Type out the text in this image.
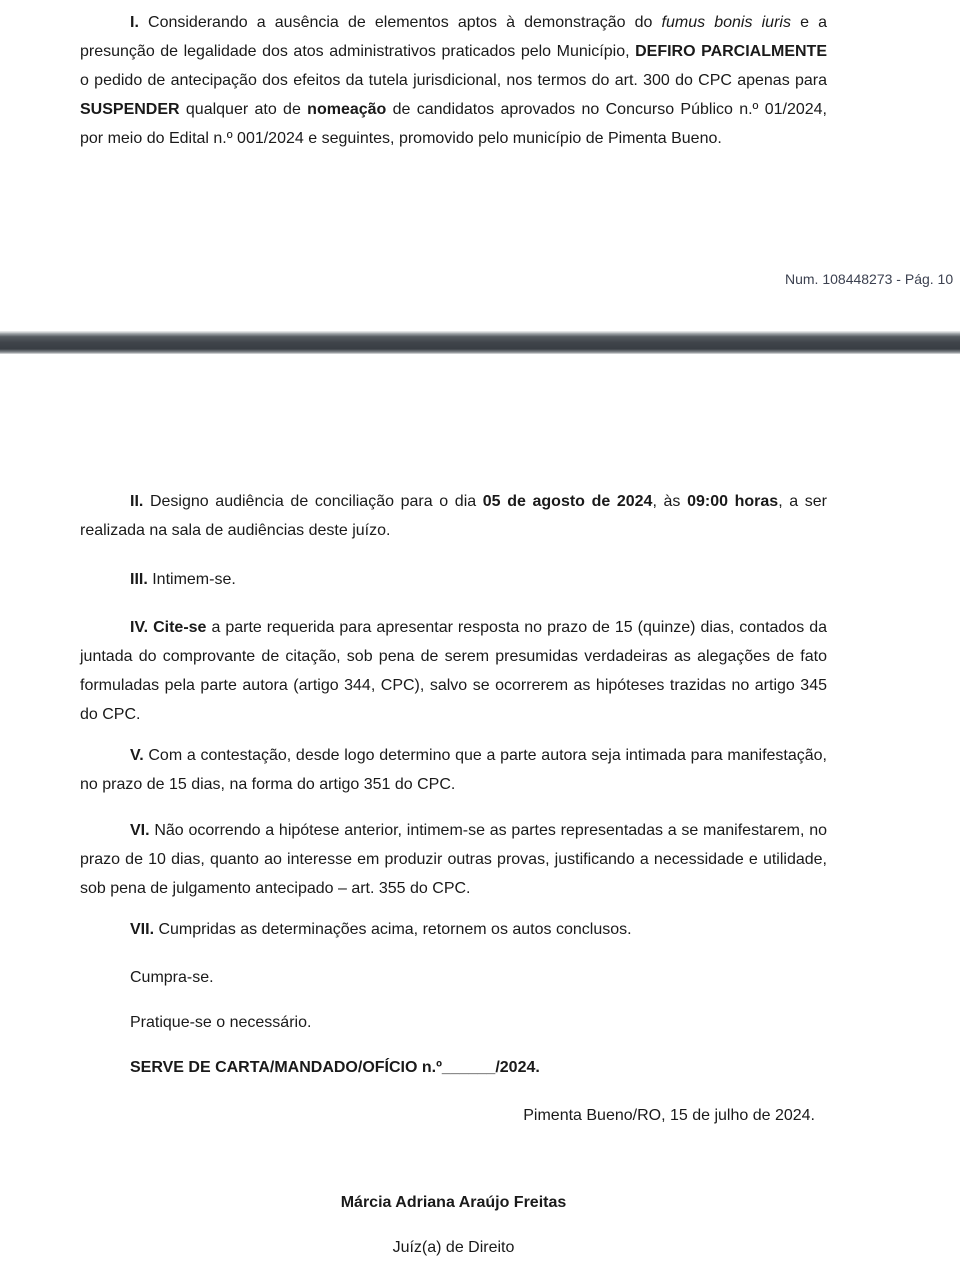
I. Considerando a ausência de elementos aptos à demonstração do fumus bonis iuris e a presunção de legalidade dos atos administrativos praticados pelo Município, DEFIRO PARCIALMENTE o pedido de antecipação dos efeitos da tutela jurisdicional, nos termos do art. 300 do CPC apenas para SUSPENDER qualquer ato de nomeação de candidatos aprovados no Concurso Público n.º 01/2024, por meio do Edital n.º 001/2024 e seguintes, promovido pelo município de Pimenta Bueno.

Num. 108448273 - Pág. 10

II. Designo audiência de conciliação para o dia 05 de agosto de 2024, às 09:00 horas, a ser realizada na sala de audiências deste juízo.

III. Intimem-se.

IV. Cite-se a parte requerida para apresentar resposta no prazo de 15 (quinze) dias, contados da juntada do comprovante de citação, sob pena de serem presumidas verdadeiras as alegações de fato formuladas pela parte autora (artigo 344, CPC), salvo se ocorrerem as hipóteses trazidas no artigo 345 do CPC.

V. Com a contestação, desde logo determino que a parte autora seja intimada para manifestação, no prazo de 15 dias, na forma do artigo 351 do CPC.

VI. Não ocorrendo a hipótese anterior, intimem-se as partes representadas a se manifestarem, no prazo de 10 dias, quanto ao interesse em produzir outras provas, justificando a necessidade e utilidade, sob pena de julgamento antecipado – art. 355 do CPC.

VII. Cumpridas as determinações acima, retornem os autos conclusos.

Cumpra-se.

Pratique-se o necessário.

SERVE DE CARTA/MANDADO/OFÍCIO n.º______/2024.

Pimenta Bueno/RO, 15 de julho de 2024.

Márcia Adriana Araújo Freitas

Juíz(a) de Direito
